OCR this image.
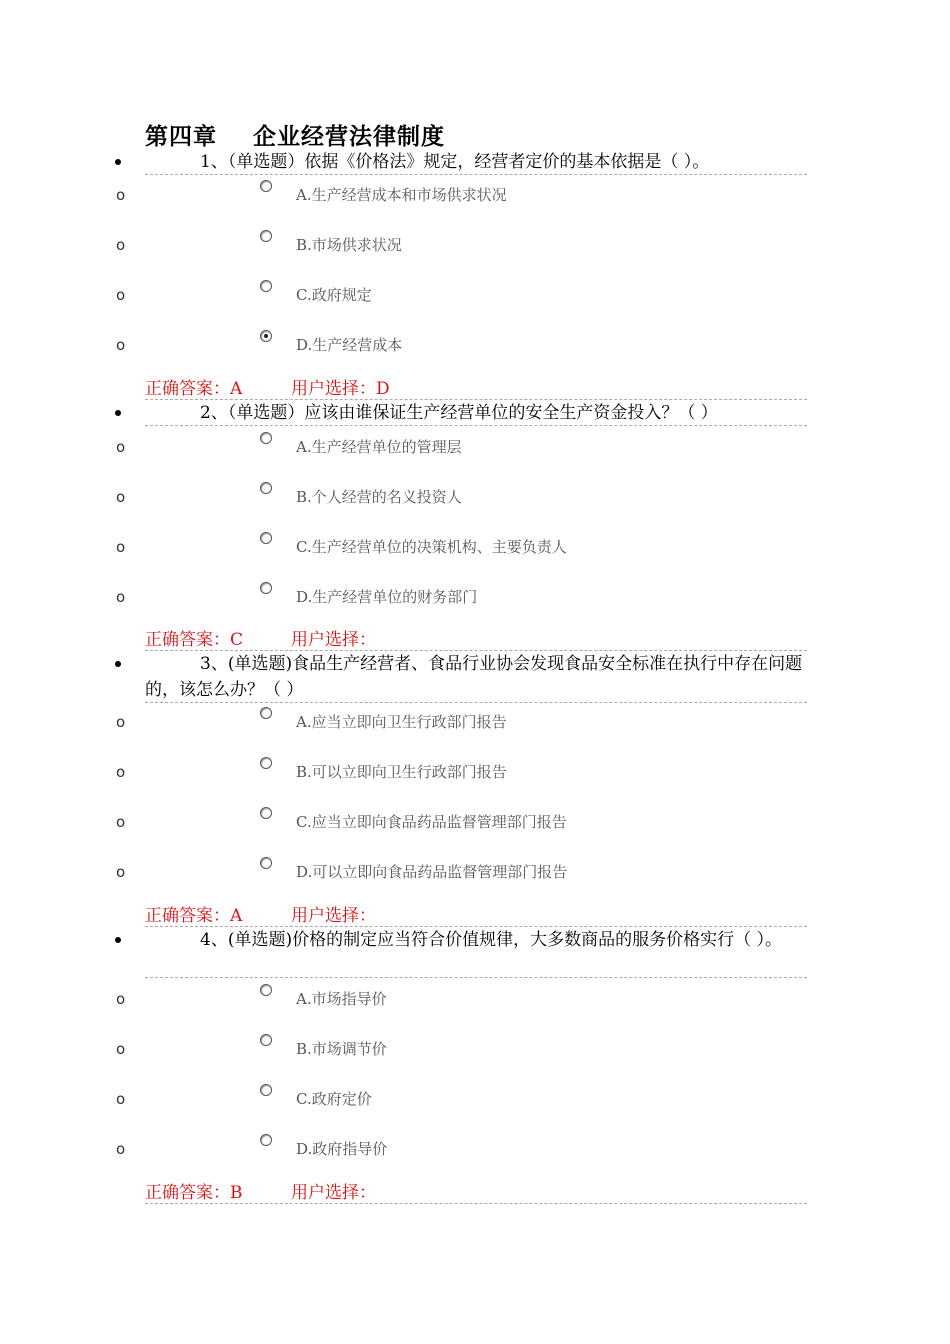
第四章    企业经营法律制度
1、（单选题）依据《价格法》规定，经营者定价的基本依据是（ ）。
o	A.生产经营成本和市场供求状况
o	B.市场供求状况
o	C.政府规定
o	D.生产经营成本
正确答案：A	用户选择：D
2、（单选题）应该由谁保证生产经营单位的安全生产资金投入？（ ）
o	A.生产经营单位的管理层
o	B.个人经营的名义投资人
o	C.生产经营单位的决策机构、主要负责人
o	D.生产经营单位的财务部门
正确答案：C	用户选择：
3、(单选题)食品生产经营者、食品行业协会发现食品安全标准在执行中存在问题的，该怎么办？（ ）
o	A.应当立即向卫生行政部门报告
o	B.可以立即向卫生行政部门报告
o	C.应当立即向食品药品监督管理部门报告
o	D.可以立即向食品药品监督管理部门报告
正确答案：A	用户选择：
4、(单选题)价格的制定应当符合价值规律，大多数商品的服务价格实行（ ）。
o	A.市场指导价
o	B.市场调节价
o	C.政府定价
o	D.政府指导价
正确答案：B	用户选择：
